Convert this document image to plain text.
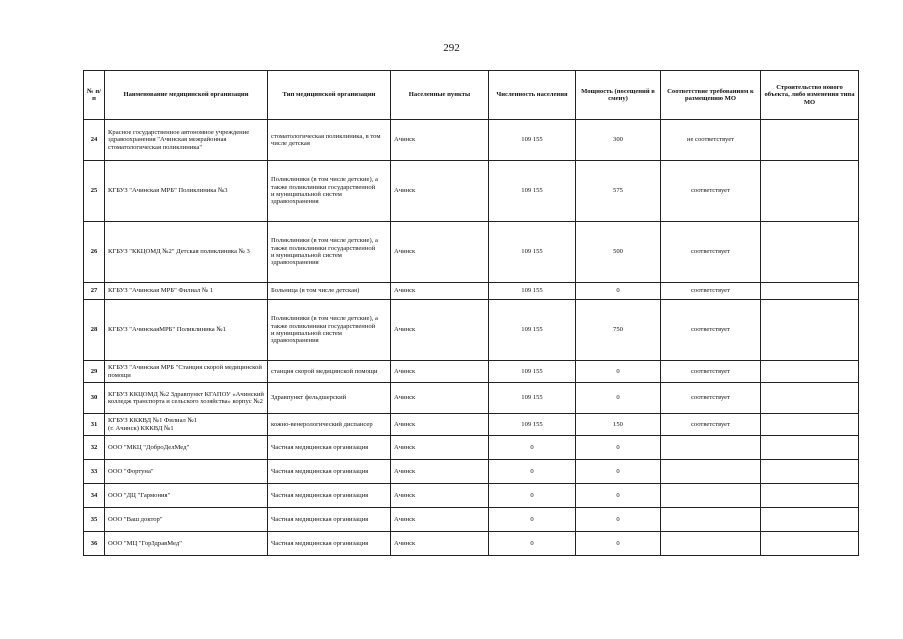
292
№ п/п	Наименование медицинской организации	Тип медицинской организации	Населенные пункты	Численность населения	Мощность (посещений в смену)	Соответствие требованиям к размещению МО	Строительство нового объекта, либо изменения типа МО
24	Красное государственное автономное учреждение здравоохранения "Ачинская межрайонная стоматологическая поликлиника"	стоматологическая поликлиника, в том числе детская	Ачинск	109 155	300	не соответствует	
25	КГБУЗ "Ачинская МРБ" Поликлиника №3	Поликлиники (в том числе детские), а также поликлиники государственной
и муниципальной систем здравоохранения	Ачинск	109 155	575	соответствует	
26	КГБУЗ "ККЦОМД №2" Детская поликлиника № 3	Поликлиники (в том числе детские), а также поликлиники государственной
и муниципальной систем здравоохранения	Ачинск	109 155	500	соответствует	
27	КГБУЗ "Ачинская МРБ" Филиал № 1	Больница (в том числе детская)	Ачинск	109 155	0	соответствует	
28	КГБУЗ "АчинскаяМРБ" Поликлиника №1	Поликлиники (в том числе детские), а также поликлиники государственной
и муниципальной систем здравоохранения	Ачинск	109 155	750	соответствует	
29	КГБУЗ "Ачинская МРБ "Станция скорой медицинской помощи	станция скорой медицинской помощи	Ачинск	109 155	0	соответствует	
30	КГБУЗ ККЦОМД №2 Здравпункт КГАПОУ «Ачинский колледж транспорта и сельского хозяйства» корпус №2	Здравпункт фельдшерский	Ачинск	109 155	0	соответствует	
31	КГБУЗ КККВД №1 Филиал №1
(г. Ачинск) КККВД №1	кожно-венерологический диспансер	Ачинск	109 155	150	соответствует	
32	ООО "МКЦ "ДоброДелМед"	Частная медицинская организация	Ачинск	0	0		
33	ООО "Фортуна"	Частная медицинская организация	Ачинск	0	0		
34	ООО "ДЦ "Гармония"	Частная медицинская организация	Ачинск	0	0		
35	ООО "Ваш доктор"	Частная медицинская организация	Ачинск	0	0		
36	ООО "МЦ "ГорЗдравМед"	Частная медицинская организация	Ачинск	0	0		
